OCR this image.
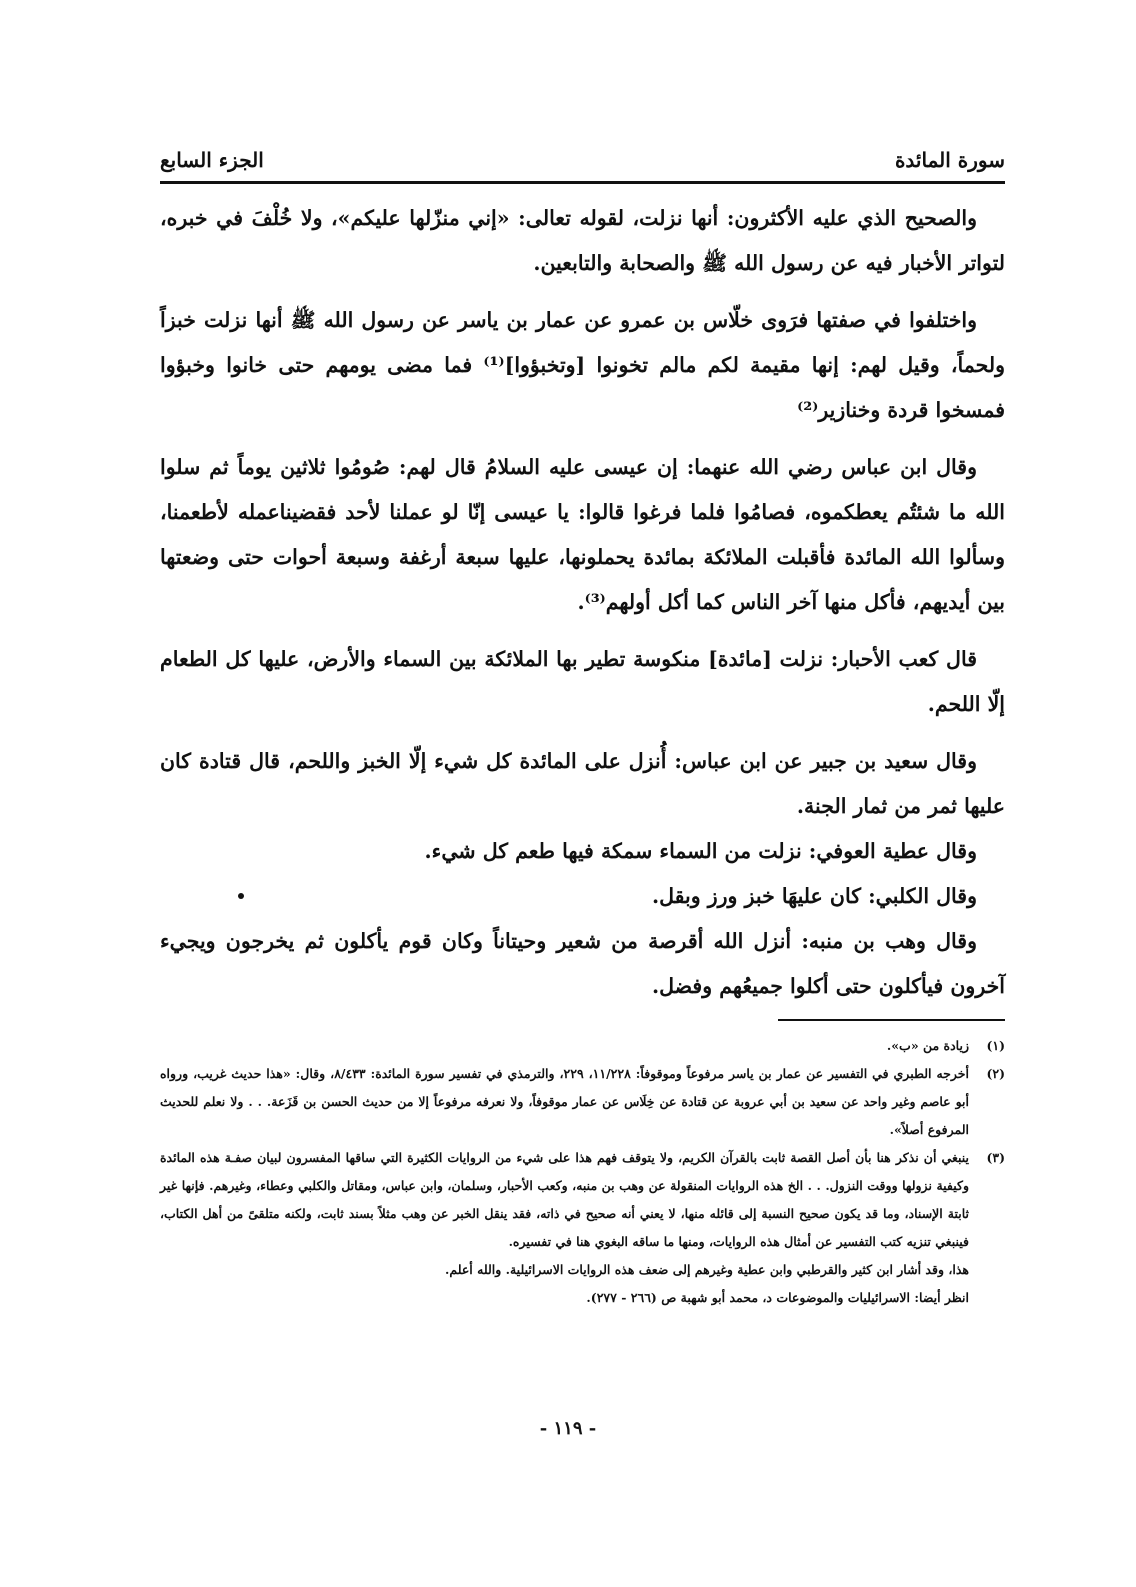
سورة المائدة
الجزء السابع

والصحيح الذي عليه الأكثرون: أنها نزلت، لقوله تعالى: «إني منزّلها عليكم»، ولا خُلْفَ في خبره، لتواتر الأخبار فيه عن رسول الله ﷺ والصحابة والتابعين.

واختلفوا في صفتها فرَوى خلّاس بن عمرو عن عمار بن ياسر عن رسول الله ﷺ أنها نزلت خبزاً ولحماً، وقيل لهم: إنها مقيمة لكم مالم تخونوا [وتخبؤوا]⁽¹⁾ فما مضى يومهم حتى خانوا وخبؤوا فمسخوا قردة وخنازير⁽²⁾

وقال ابن عباس رضي الله عنهما: إن عيسى عليه السلامُ قال لهم: صُومُوا ثلاثين يوماً ثم سلوا الله ما شئتُم يعطكموه، فصامُوا فلما فرغوا قالوا: يا عيسى إنّا لو عملنا لأحد فقضيناعمله لأطعمنا، وسألوا الله المائدة فأقبلت الملائكة بمائدة يحملونها، عليها سبعة أرغفة وسبعة أحوات حتى وضعتها بين أيديهم، فأكل منها آخر الناس كما أكل أولهم⁽³⁾.

قال كعب الأحبار: نزلت [مائدة] منكوسة تطير بها الملائكة بين السماء والأرض، عليها كل الطعام إلّا اللحم.

وقال سعيد بن جبير عن ابن عباس: أُنزل على المائدة كل شيء إلّا الخبز واللحم، قال قتادة كان عليها ثمر من ثمار الجنة.

وقال عطية العوفي: نزلت من السماء سمكة فيها طعم كل شيء.

وقال الكلبي: كان عليهَا خبز ورز وبقل.

وقال وهب بن منبه: أنزل الله أقرصة من شعير وحيتاناً وكان قوم يأكلون ثم يخرجون ويجيء آخرون فيأكلون حتى أكلوا جميعُهم وفضل.

(١)
زيادة من «ب».
(٢)
أخرجه الطبري في التفسير عن عمار بن ياسر مرفوعاً وموقوفاً: ١١/٢٢٨، ٢٢٩، والترمذي في تفسير سورة المائدة: ٨/٤٣٣، وقال: «هذا حديث غريب، ورواه أبو عاصم وغير واحد عن سعيد بن أبي عروبة عن قتادة عن خِلَاس عن عمار موقوفاً، ولا نعرفه مرفوعاً إلا من حديث الحسن بن قَزَعة. . . ولا نعلم للحديث المرفوع أصلاً».
(٣)
ينبغي أن نذكر هنا بأن أصل القصة ثابت بالقرآن الكريم، ولا يتوقف فهم هذا على شيء من الروايات الكثيرة التي ساقها المفسرون لبيان صفـة هذه المائدة وكيفية نزولها ووقت النزول. . . الخ هذه الروايات المنقولة عن وهب بن منبه، وكعب الأحبار، وسلمان، وابن عباس، ومقاتل والكلبي وعطاء، وغيرهم. فإنها غير ثابتة الإسناد، وما قد يكون صحيح النسبة إلى قائله منها، لا يعني أنه صحيح في ذاته، فقد ينقل الخبر عن وهب مثلاً بسند ثابت، ولكنه متلقىً من أهل الكتاب، فينبغي تنزيه كتب التفسير عن أمثال هذه الروايات، ومنها ما ساقه البغوي هنا في تفسيره.
هذا، وقد أشار ابن كثير والقرطبي وابن عطية وغيرهم إلى ضعف هذه الروايات الاسرائيلية. والله أعلم.
انظر أيضا: الاسرائيليات والموضوعات د، محمد أبو شهبة ص (٢٦٦ - ٢٧٧).
- ١١٩ -
